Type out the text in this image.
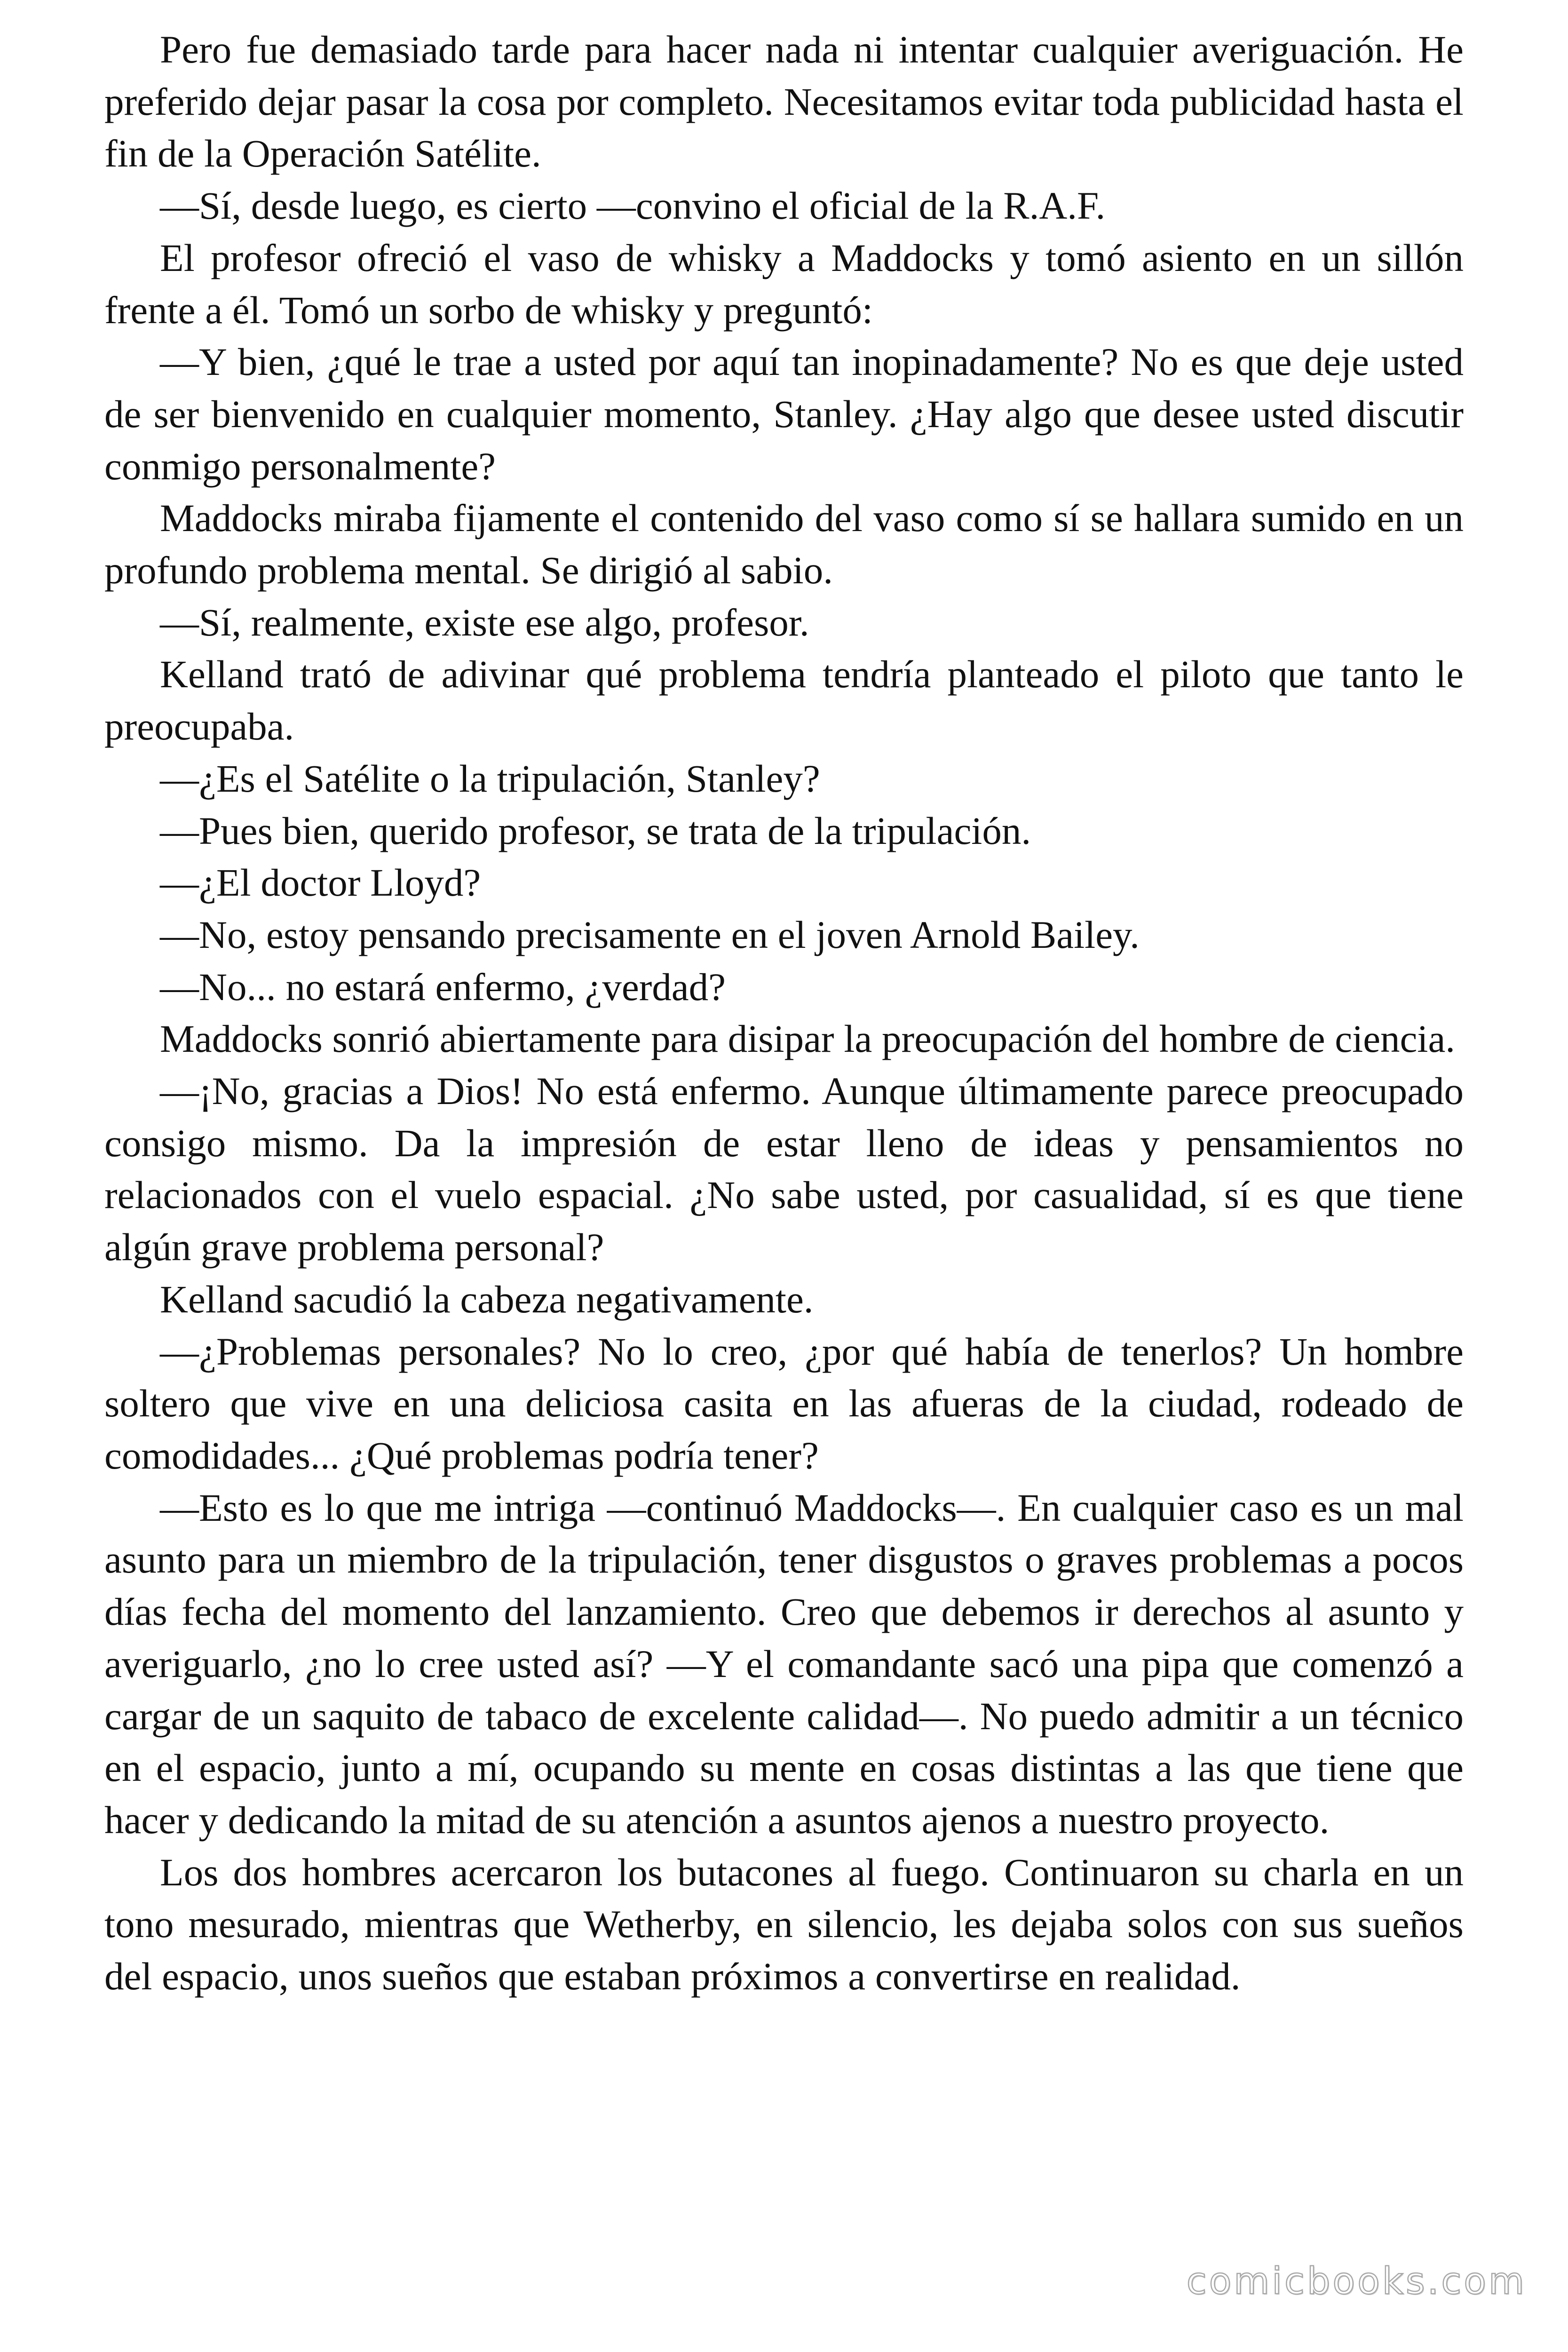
Pero fue demasiado tarde para hacer nada ni intentar cualquier averiguación. He preferido dejar pasar la cosa por completo. Necesitamos evitar toda publicidad hasta el fin de la Operación Satélite.

—Sí, desde luego, es cierto —convino el oficial de la R.A.F.

El profesor ofreció el vaso de whisky a Maddocks y tomó asiento en un sillón frente a él. Tomó un sorbo de whisky y preguntó:

—Y bien, ¿qué le trae a usted por aquí tan inopinadamente? No es que deje usted de ser bienvenido en cualquier momento, Stanley. ¿Hay algo que desee usted discutir conmigo personalmente?

Maddocks miraba fijamente el contenido del vaso como sí se hallara sumido en un profundo problema mental. Se dirigió al sabio.

—Sí, realmente, existe ese algo, profesor.

Kelland trató de adivinar qué problema tendría planteado el piloto que tanto le preocupaba.

—¿Es el Satélite o la tripulación, Stanley?

—Pues bien, querido profesor, se trata de la tripulación.

—¿El doctor Lloyd?

—No, estoy pensando precisamente en el joven Arnold Bailey.

—No... no estará enfermo, ¿verdad?

Maddocks sonrió abiertamente para disipar la preocupación del hombre de ciencia.

—¡No, gracias a Dios! No está enfermo. Aunque últimamente parece preocupado consigo mismo. Da la impresión de estar lleno de ideas y pensamientos no relacionados con el vuelo espacial. ¿No sabe usted, por casualidad, sí es que tiene algún grave problema personal?

Kelland sacudió la cabeza negativamente.

—¿Problemas personales? No lo creo, ¿por qué había de tenerlos? Un hombre soltero que vive en una deliciosa casita en las afueras de la ciudad, rodeado de comodidades... ¿Qué problemas podría tener?

—Esto es lo que me intriga —continuó Maddocks—. En cualquier caso es un mal asunto para un miembro de la tripulación, tener disgustos o graves problemas a pocos días fecha del momento del lanzamiento. Creo que debemos ir derechos al asunto y averiguarlo, ¿no lo cree usted así? —Y el comandante sacó una pipa que comenzó a cargar de un saquito de tabaco de excelente calidad—. No puedo admitir a un técnico en el espacio, junto a mí, ocupando su mente en cosas distintas a las que tiene que hacer y dedicando la mitad de su atención a asuntos ajenos a nuestro proyecto.

Los dos hombres acercaron los butacones al fuego. Continuaron su charla en un tono mesurado, mientras que Wetherby, en silencio, les dejaba solos con sus sueños del espacio, unos sueños que estaban próximos a convertirse en realidad.

comicbooks.com
